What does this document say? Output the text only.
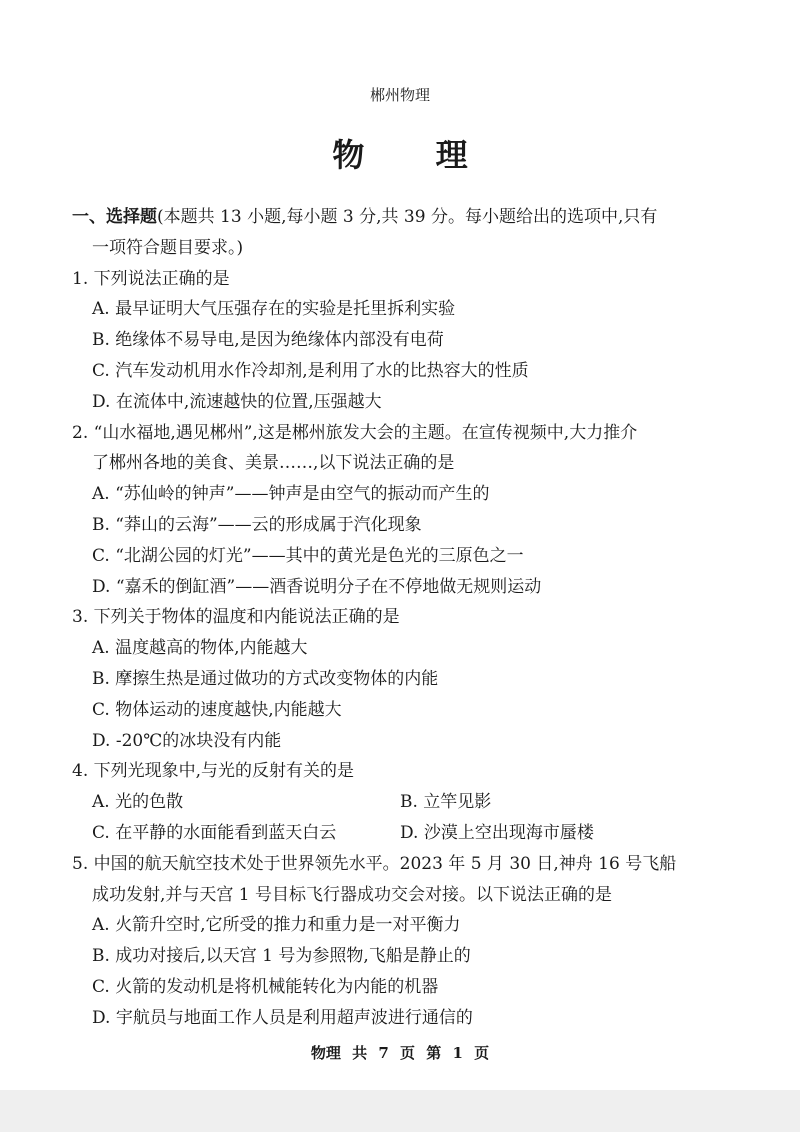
郴州物理
物 理
一、选择题(本题共 13 小题,每小题 3 分,共 39 分。每小题给出的选项中,只有
一项符合题目要求。)
1. 下列说法正确的是
A. 最早证明大气压强存在的实验是托里拆利实验
B. 绝缘体不易导电,是因为绝缘体内部没有电荷
C. 汽车发动机用水作冷却剂,是利用了水的比热容大的性质
D. 在流体中,流速越快的位置,压强越大
2. “山水福地,遇见郴州”,这是郴州旅发大会的主题。在宣传视频中,大力推介
了郴州各地的美食、美景……,以下说法正确的是
A. “苏仙岭的钟声”——钟声是由空气的振动而产生的
B. “莽山的云海”——云的形成属于汽化现象
C. “北湖公园的灯光”——其中的黄光是色光的三原色之一
D. “嘉禾的倒缸酒”——酒香说明分子在不停地做无规则运动
3. 下列关于物体的温度和内能说法正确的是
A. 温度越高的物体,内能越大
B. 摩擦生热是通过做功的方式改变物体的内能
C. 物体运动的速度越快,内能越大
D. -20℃的冰块没有内能
4. 下列光现象中,与光的反射有关的是
A. 光的色散	B. 立竿见影
C. 在平静的水面能看到蓝天白云	D. 沙漠上空出现海市蜃楼
5. 中国的航天航空技术处于世界领先水平。2023 年 5 月 30 日,神舟 16 号飞船
成功发射,并与天宫 1 号目标飞行器成功交会对接。以下说法正确的是
A. 火箭升空时,它所受的推力和重力是一对平衡力
B. 成功对接后,以天宫 1 号为参照物,飞船是静止的
C. 火箭的发动机是将机械能转化为内能的机器
D. 宇航员与地面工作人员是利用超声波进行通信的
物理 共 7 页 第 1 页
